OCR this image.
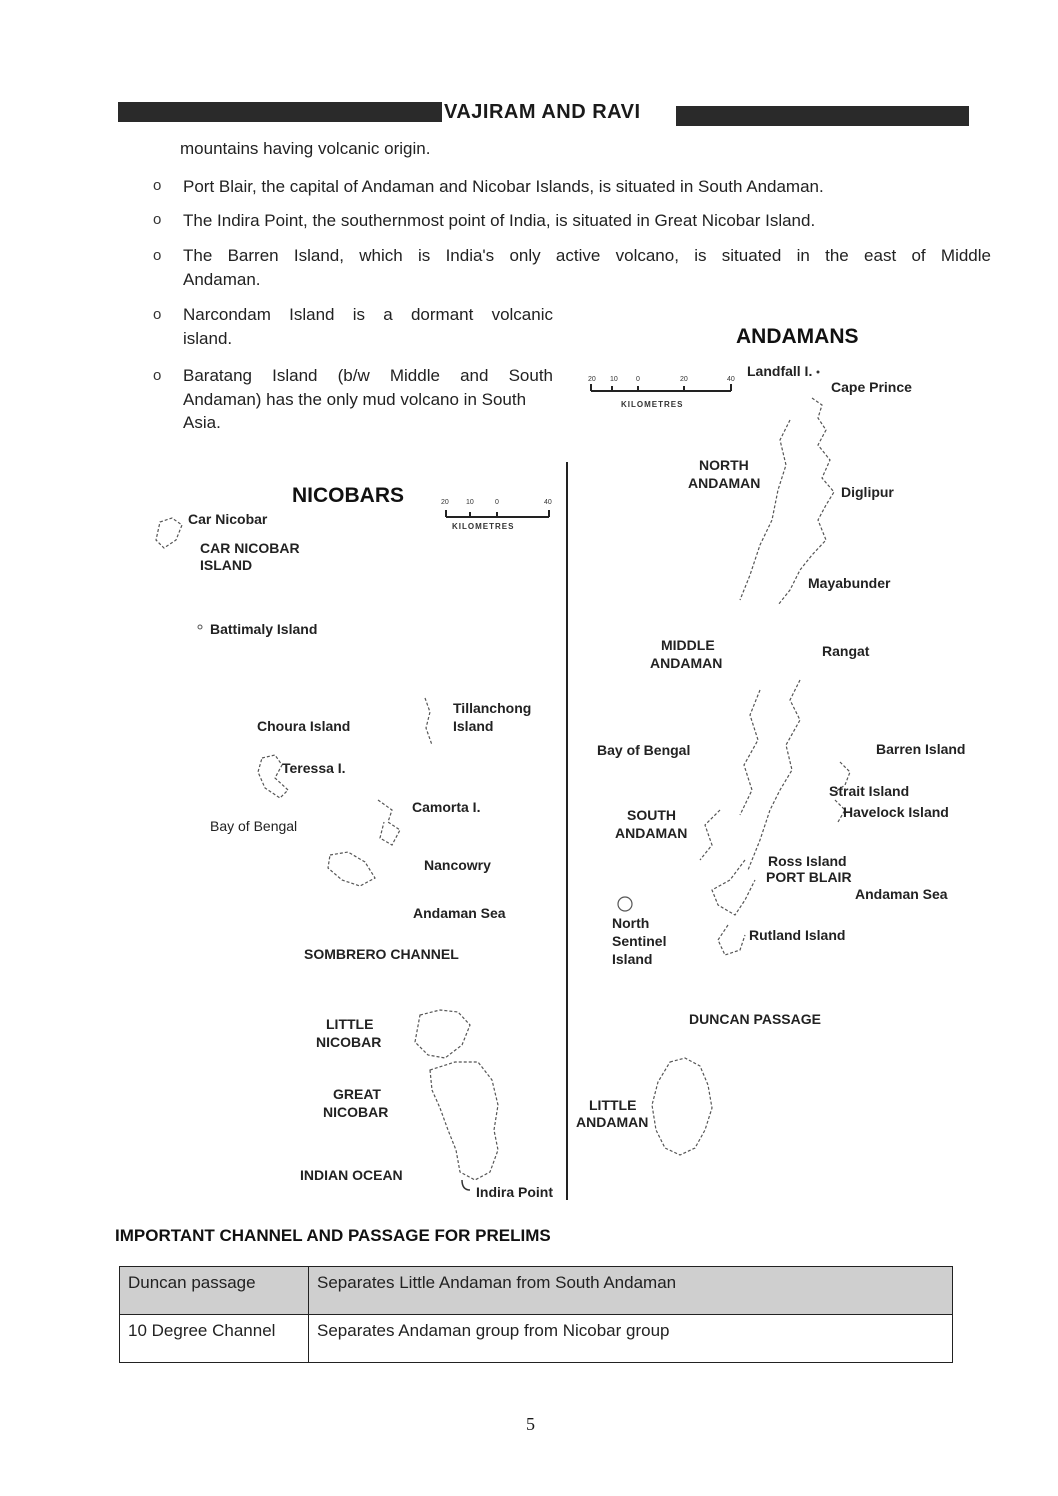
VAJIRAM AND RAVI
mountains having volcanic origin.
o Port Blair, the capital of Andaman and Nicobar Islands, is situated in South Andaman.
o The Indira Point, the southernmost point of India, is situated in Great Nicobar Island.
o The Barren Island, which is India's only active volcano, is situated in the east of Middle
Andaman.
o Narcondam Island is a dormant volcanic
island.
o Baratang Island (b/w Middle and South
Andaman) has the only mud volcano in South
Asia.
ANDAMANS
NICOBARS
20 10	0	20	40
KILOMETRES
20 10	0	40
KILOMETRES
Car Nicobar
CAR NICOBAR
ISLAND
Battimaly Island
Tillanchong
Island
Choura Island
Teressa I.
Camorta I.
Bay of Bengal
Nancowry
Andaman Sea
SOMBRERO CHANNEL
LITTLE
NICOBAR
GREAT
NICOBAR
INDIAN OCEAN
Indira Point
Landfall I.
Cape Prince
NORTH
ANDAMAN
Diglipur
Mayabunder
MIDDLE
ANDAMAN
Rangat
Bay of Bengal	Barren Island
Strait Island
Havelock Island
SOUTH
ANDAMAN
Ross Island
PORT BLAIR
Andaman Sea
North
Sentinel
Island
Rutland Island
DUNCAN PASSAGE
LITTLE
ANDAMAN
IMPORTANT CHANNEL AND PASSAGE FOR PRELIMS
Duncan passage	Separates Little Andaman from South Andaman
10 Degree Channel	Separates Andaman group from Nicobar group
5
